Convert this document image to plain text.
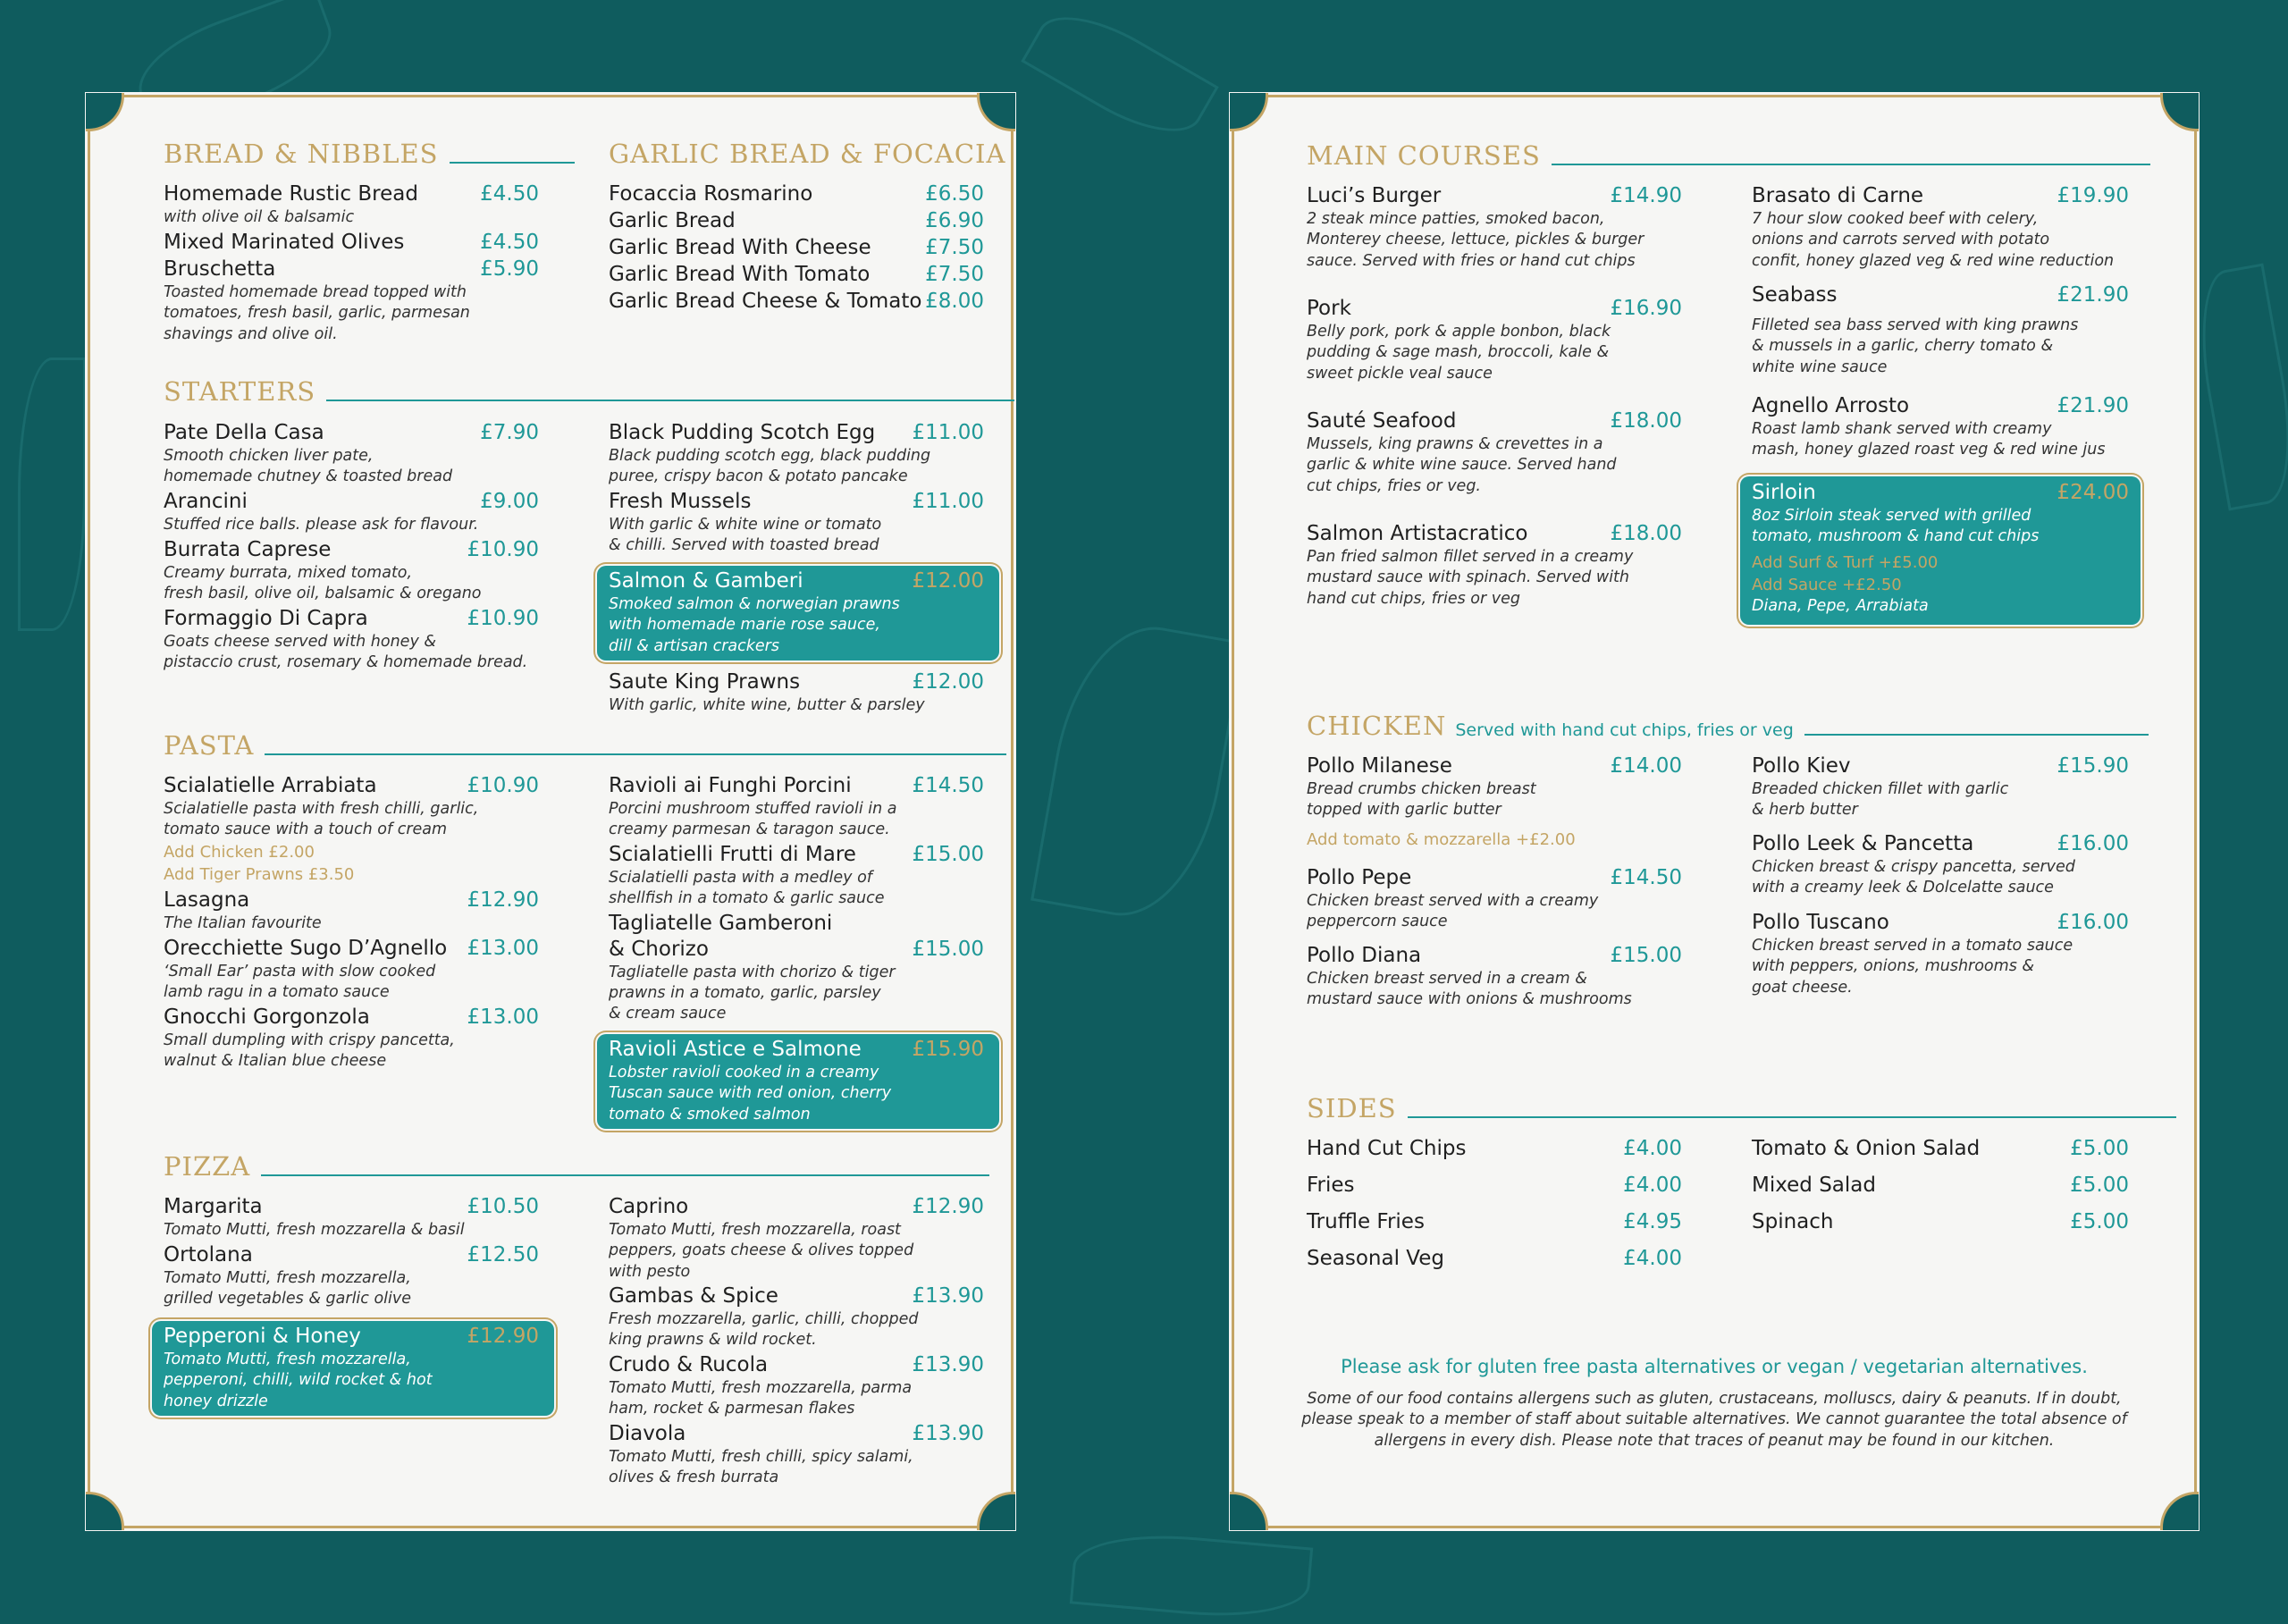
BREAD & NIBBLES
Homemade Rustic Bread	£4.50
with olive oil & balsamic
Mixed Marinated Olives	£4.50
Bruschetta	£5.90
Toasted homemade bread topped with
tomatoes, fresh basil, garlic, parmesan
shavings and olive oil.
GARLIC BREAD & FOCACIA
Focaccia Rosmarino	£6.50
Garlic Bread	£6.90
Garlic Bread With Cheese	£7.50
Garlic Bread With Tomato	£7.50
Garlic Bread Cheese & Tomato £8.00
STARTERS
Pate Della Casa	£7.90
Smooth chicken liver pate,
homemade chutney & toasted bread
Arancini	£9.00
Stuffed rice balls. please ask for flavour.
Burrata Caprese	£10.90
Creamy burrata, mixed tomato,
fresh basil, olive oil, balsamic & oregano
Formaggio Di Capra	£10.90
Goats cheese served with honey &
pistaccio crust, rosemary & homemade bread.
Black Pudding Scotch Egg £11.00
Black pudding scotch egg, black pudding
puree, crispy bacon & potato pancake
Fresh Mussels	£11.00
With garlic & white wine or tomato
& chilli. Served with toasted bread
Salmon & Gamberi	£12.00
Smoked salmon & norwegian prawns
with homemade marie rose sauce,
dill & artisan crackers
Saute King Prawns	£12.00
With garlic, white wine, butter & parsley
PASTA
Scialatielle Arrabiata	£10.90
Scialatielle pasta with fresh chilli, garlic,
tomato sauce with a touch of cream
Add Chicken £2.00
Add Tiger Prawns £3.50
Lasagna	£12.90
The Italian favourite
Orecchiette Sugo D’Agnello £13.00
‘Small Ear’ pasta with slow cooked
lamb ragu in a tomato sauce
Gnocchi Gorgonzola	£13.00
Small dumpling with crispy pancetta,
walnut & Italian blue cheese
Ravioli ai Funghi Porcini	£14.50
Porcini mushroom stuffed ravioli in a
creamy parmesan & taragon sauce.
Scialatielli Frutti di Mare	£15.00
Scialatielli pasta with a medley of
shellfish in a tomato & garlic sauce
Tagliatelle Gamberoni
& Chorizo	£15.00
Tagliatelle pasta with chorizo & tiger
prawns in a tomato, garlic, parsley
& cream sauce
Ravioli Astice e Salmone £15.90
Lobster ravioli cooked in a creamy
Tuscan sauce with red onion, cherry
tomato & smoked salmon
PIZZA
Margarita	£10.50
Tomato Mutti, fresh mozzarella & basil
Ortolana	£12.50
Tomato Mutti, fresh mozzarella,
grilled vegetables & garlic olive
Pepperoni & Honey	£12.90
Tomato Mutti, fresh mozzarella,
pepperoni, chilli, wild rocket & hot
honey drizzle
Caprino	£12.90
Tomato Mutti, fresh mozzarella, roast
peppers, goats cheese & olives topped
with pesto
Gambas & Spice	£13.90
Fresh mozzarella, garlic, chilli, chopped
king prawns & wild rocket.
Crudo & Rucola	£13.90
Tomato Mutti, fresh mozzarella, parma
ham, rocket & parmesan flakes
Diavola	£13.90
Tomato Mutti, fresh chilli, spicy salami,
olives & fresh burrata
MAIN COURSES
Luci’s Burger	£14.90
2 steak mince patties, smoked bacon,
Monterey cheese, lettuce, pickles & burger
sauce. Served with fries or hand cut chips
Pork	£16.90
Belly pork, pork & apple bonbon, black
pudding & sage mash, broccoli, kale &
sweet pickle veal sauce
Sauté Seafood	£18.00
Mussels, king prawns & crevettes in a
garlic & white wine sauce. Served hand
cut chips, fries or veg.
Salmon Artistacratico	£18.00
Pan fried salmon fillet served in a creamy
mustard sauce with spinach. Served with
hand cut chips, fries or veg
Brasato di Carne	£19.90
7 hour slow cooked beef with celery,
onions and carrots served with potato
confit, honey glazed veg & red wine reduction
Seabass	£21.90
Filleted sea bass served with king prawns
& mussels in a garlic, cherry tomato &
white wine sauce
Agnello Arrosto	£21.90
Roast lamb shank served with creamy
mash, honey glazed roast veg & red wine jus
Sirloin	£24.00
8oz Sirloin steak served with grilled
tomato, mushroom & hand cut chips
Add Surf & Turf +£5.00
Add Sauce +£2.50
Diana, Pepe, Arrabiata
CHICKEN Served with hand cut chips, fries or veg
Pollo Milanese	£14.00
Bread crumbs chicken breast
topped with garlic butter
Add tomato & mozzarella +£2.00
Pollo Pepe	£14.50
Chicken breast served with a creamy
peppercorn sauce
Pollo Diana	£15.00
Chicken breast served in a cream &
mustard sauce with onions & mushrooms
Pollo Kiev	£15.90
Breaded chicken fillet with garlic
& herb butter
Pollo Leek & Pancetta	£16.00
Chicken breast & crispy pancetta, served
with a creamy leek & Dolcelatte sauce
Pollo Tuscano	£16.00
Chicken breast served in a tomato sauce
with peppers, onions, mushrooms &
goat cheese.
SIDES
Hand Cut Chips	£4.00
Fries	£4.00
Truffle Fries	£4.95
Seasonal Veg	£4.00
Tomato & Onion Salad	£5.00
Mixed Salad	£5.00
Spinach	£5.00
Please ask for gluten free pasta alternatives or vegan / vegetarian alternatives.
Some of our food contains allergens such as gluten, crustaceans, molluscs, dairy & peanuts. If in doubt,
please speak to a member of staff about suitable alternatives. We cannot guarantee the total absence of
allergens in every dish. Please note that traces of peanut may be found in our kitchen.
